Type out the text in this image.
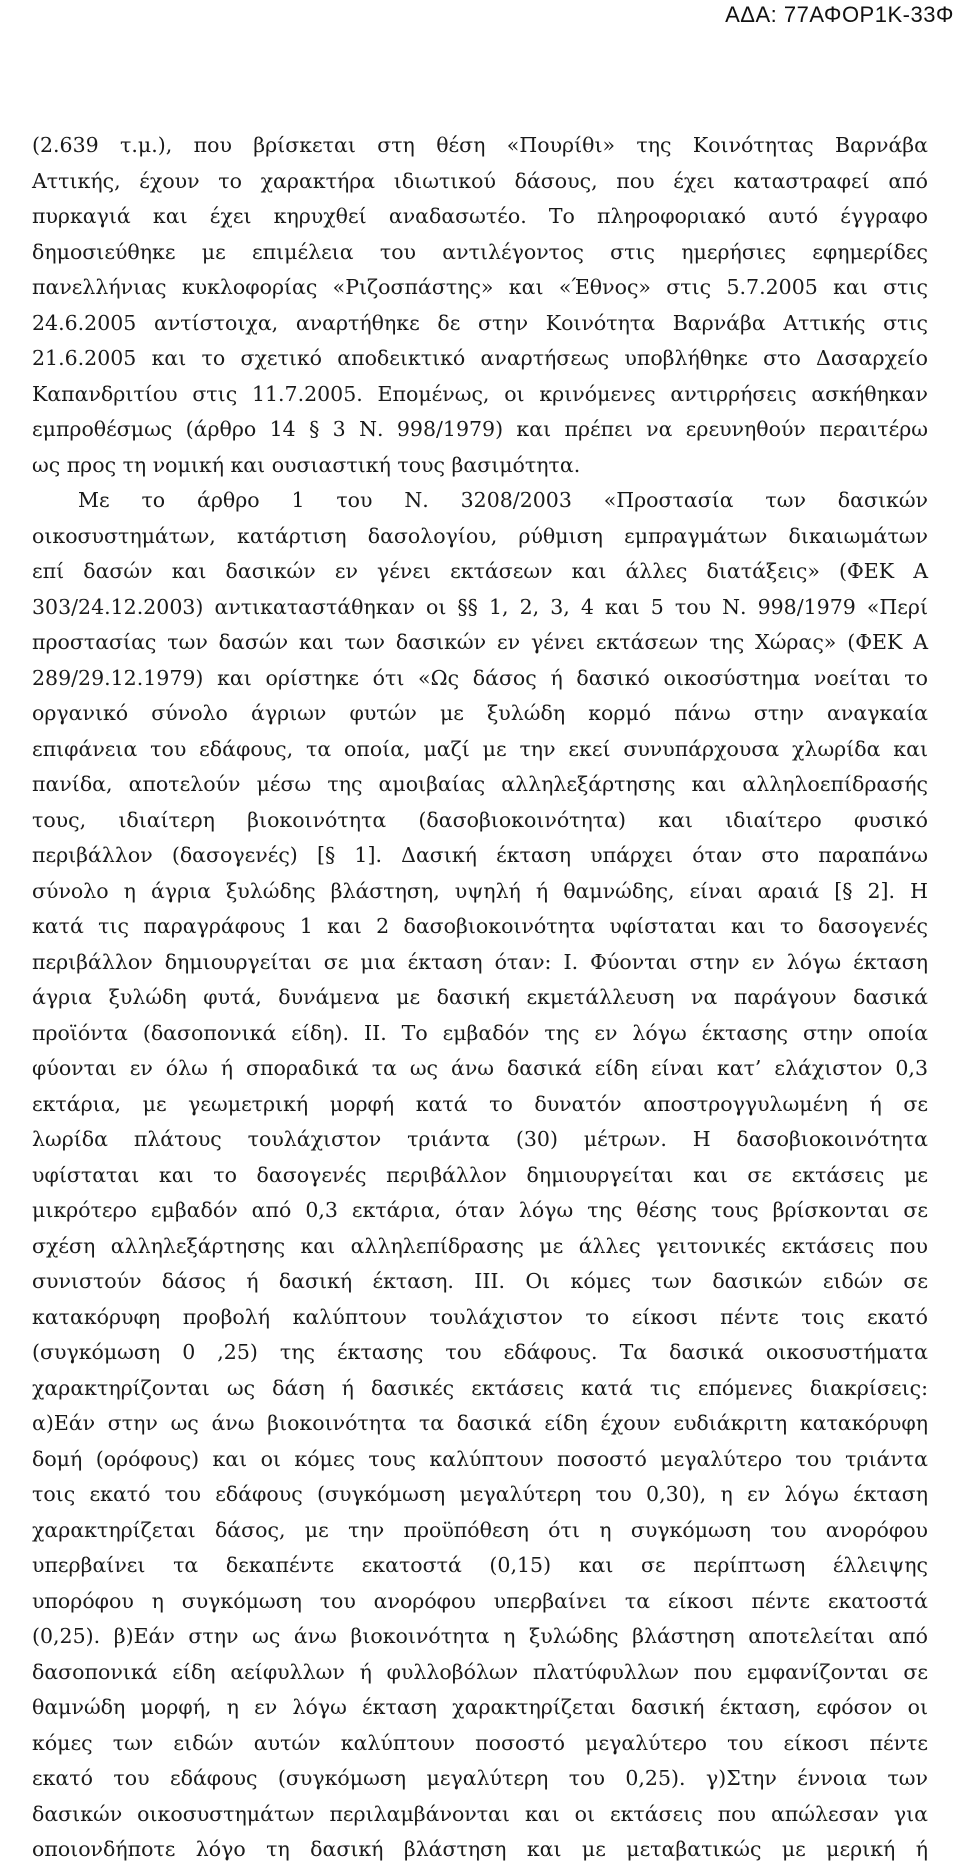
ΑΔΑ: 77ΑΦΟΡ1Κ-33Φ
(2.639 τ.μ.), που βρίσκεται στη θέση «Πουρίθι» της Κοινότητας Βαρνάβα
Αττικής, έχουν το χαρακτήρα ιδιωτικού δάσους, που έχει καταστραφεί από
πυρκαγιά και έχει κηρυχθεί αναδασωτέο. Το πληροφοριακό αυτό έγγραφο
δημοσιεύθηκε με επιμέλεια του αντιλέγοντος στις ημερήσιες εφημερίδες
πανελλήνιας κυκλοφορίας «Ριζοσπάστης» και «Έθνος» στις 5.7.2005 και στις
24.6.2005 αντίστοιχα, αναρτήθηκε δε στην Κοινότητα Βαρνάβα Αττικής στις
21.6.2005 και το σχετικό αποδεικτικό αναρτήσεως υποβλήθηκε στο Δασαρχείο
Καπανδριτίου στις 11.7.2005. Επομένως, οι κρινόμενες αντιρρήσεις ασκήθηκαν
εμπροθέσμως (άρθρο 14 § 3 Ν. 998/1979) και πρέπει να ερευνηθούν περαιτέρω
ως προς τη νομική και ουσιαστική τους βασιμότητα.
Με το άρθρο 1 του Ν. 3208/2003 «Προστασία των δασικών
οικοσυστημάτων, κατάρτιση δασολογίου, ρύθμιση εμπραγμάτων δικαιωμάτων
επί δασών και δασικών εν γένει εκτάσεων και άλλες διατάξεις» (ΦΕΚ Α
303/24.12.2003) αντικαταστάθηκαν οι §§ 1, 2, 3, 4 και 5 του Ν. 998/1979 «Περί
προστασίας των δασών και των δασικών εν γένει εκτάσεων της Χώρας» (ΦΕΚ Α
289/29.12.1979) και ορίστηκε ότι «Ως δάσος ή δασικό οικοσύστημα νοείται το
οργανικό σύνολο άγριων φυτών με ξυλώδη κορμό πάνω στην αναγκαία
επιφάνεια του εδάφους, τα οποία, μαζί με την εκεί συνυπάρχουσα χλωρίδα και
πανίδα, αποτελούν μέσω της αμοιβαίας αλληλεξάρτησης και αλληλοεπίδρασής
τους, ιδιαίτερη βιοκοινότητα (δασοβιοκοινότητα) και ιδιαίτερο φυσικό
περιβάλλον (δασογενές) [§ 1]. Δασική έκταση υπάρχει όταν στο παραπάνω
σύνολο η άγρια ξυλώδης βλάστηση, υψηλή ή θαμνώδης, είναι αραιά [§ 2]. Η
κατά τις παραγράφους 1 και 2 δασοβιοκοινότητα υφίσταται και το δασογενές
περιβάλλον δημιουργείται σε μια έκταση όταν: Ι. Φύονται στην εν λόγω έκταση
άγρια ξυλώδη φυτά, δυνάμενα με δασική εκμετάλλευση να παράγουν δασικά
προϊόντα (δασοπονικά είδη). ΙΙ. Το εμβαδόν της εν λόγω έκτασης στην οποία
φύονται εν όλω ή σποραδικά τα ως άνω δασικά είδη είναι κατ’ ελάχιστον 0,3
εκτάρια, με γεωμετρική μορφή κατά το δυνατόν αποστρογγυλωμένη ή σε
λωρίδα πλάτους τουλάχιστον τριάντα (30) μέτρων. Η δασοβιοκοινότητα
υφίσταται και το δασογενές περιβάλλον δημιουργείται και σε εκτάσεις με
μικρότερο εμβαδόν από 0,3 εκτάρια, όταν λόγω της θέσης τους βρίσκονται σε
σχέση αλληλεξάρτησης και αλληλεπίδρασης με άλλες γειτονικές εκτάσεις που
συνιστούν δάσος ή δασική έκταση. ΙΙΙ. Οι κόμες των δασικών ειδών σε
κατακόρυφη προβολή καλύπτουν τουλάχιστον το είκοσι πέντε τοις εκατό
(συγκόμωση 0 ,25) της έκτασης του εδάφους. Τα δασικά οικοσυστήματα
χαρακτηρίζονται ως δάση ή δασικές εκτάσεις κατά τις επόμενες διακρίσεις:
α)Εάν στην ως άνω βιοκοινότητα τα δασικά είδη έχουν ευδιάκριτη κατακόρυφη
δομή (ορόφους) και οι κόμες τους καλύπτουν ποσοστό μεγαλύτερο του τριάντα
τοις εκατό του εδάφους (συγκόμωση μεγαλύτερη του 0,30), η εν λόγω έκταση
χαρακτηρίζεται δάσος, με την προϋπόθεση ότι η συγκόμωση του ανορόφου
υπερβαίνει τα δεκαπέντε εκατοστά (0,15) και σε περίπτωση έλλειψης
υπορόφου η συγκόμωση του ανορόφου υπερβαίνει τα είκοσι πέντε εκατοστά
(0,25). β)Εάν στην ως άνω βιοκοινότητα η ξυλώδης βλάστηση αποτελείται από
δασοπονικά είδη αείφυλλων ή φυλλοβόλων πλατύφυλλων που εμφανίζονται σε
θαμνώδη μορφή, η εν λόγω έκταση χαρακτηρίζεται δασική έκταση, εφόσον οι
κόμες των ειδών αυτών καλύπτουν ποσοστό μεγαλύτερο του είκοσι πέντε
εκατό του εδάφους (συγκόμωση μεγαλύτερη του 0,25). γ)Στην έννοια των
δασικών οικοσυστημάτων περιλαμβάνονται και οι εκτάσεις που απώλεσαν για
οποιονδήποτε λόγο τη δασική βλάστηση και με μεταβατικώς με μερική ή
